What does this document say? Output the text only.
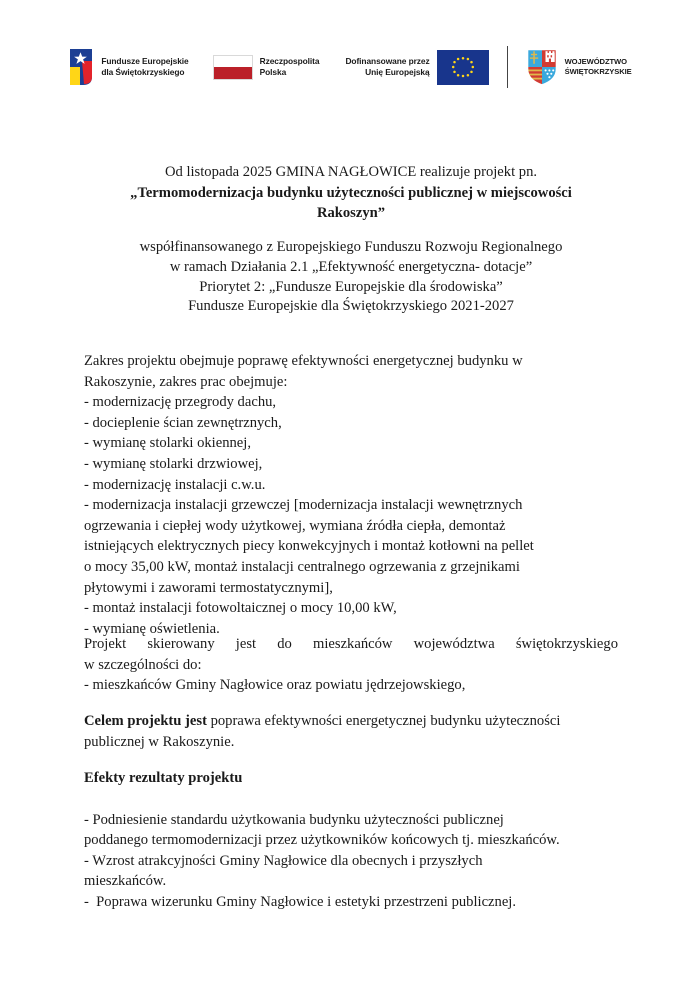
Fundusze Europejskie
dla Świętokrzyskiego
Rzeczpospolita
Polska
Dofinansowane przez
Unię Europejską
WOJEWÓDZTWO
ŚWIĘTOKRZYSKIE
Od listopada 2025 GMINA NAGŁOWICE realizuje projekt pn.
„Termomodernizacja budynku użyteczności publicznej w miejscowości
Rakoszyn”
współfinansowanego z Europejskiego Funduszu Rozwoju Regionalnego
w ramach Działania 2.1 „Efektywność energetyczna- dotacje”
Priorytet 2: „Fundusze Europejskie dla środowiska”
Fundusze Europejskie dla Świętokrzyskiego 2021-2027
Zakres projektu obejmuje poprawę efektywności energetycznej budynku w
Rakoszynie, zakres prac obejmuje:
- modernizację przegrody dachu,
- docieplenie ścian zewnętrznych,
- wymianę stolarki okiennej,
- wymianę stolarki drzwiowej,
- modernizację instalacji c.w.u.
- modernizacja instalacji grzewczej [modernizacja instalacji wewnętrznych
ogrzewania i ciepłej wody użytkowej, wymiana źródła ciepła, demontaż
istniejących elektrycznych piecy konwekcyjnych i montaż kotłowni na pellet
o mocy 35,00 kW, montaż instalacji centralnego ogrzewania z grzejnikami
płytowymi i zaworami termostatycznymi],
- montaż instalacji fotowoltaicznej o mocy 10,00 kW,
- wymianę oświetlenia.
Projekt skierowany jest do mieszkańców województwa świętokrzyskiego
w szczególności do:
- mieszkańców Gminy Nagłowice oraz powiatu jędrzejowskiego,
Celem projektu jest poprawa efektywności energetycznej budynku użyteczności
publicznej w Rakoszynie.
Efekty rezultaty projektu
- Podniesienie standardu użytkowania budynku użyteczności publicznej
poddanego termomodernizacji przez użytkowników końcowych tj. mieszkańców.
- Wzrost atrakcyjności Gminy Nagłowice dla obecnych i przyszłych
mieszkańców.
-  Poprawa wizerunku Gminy Nagłowice i estetyki przestrzeni publicznej.
